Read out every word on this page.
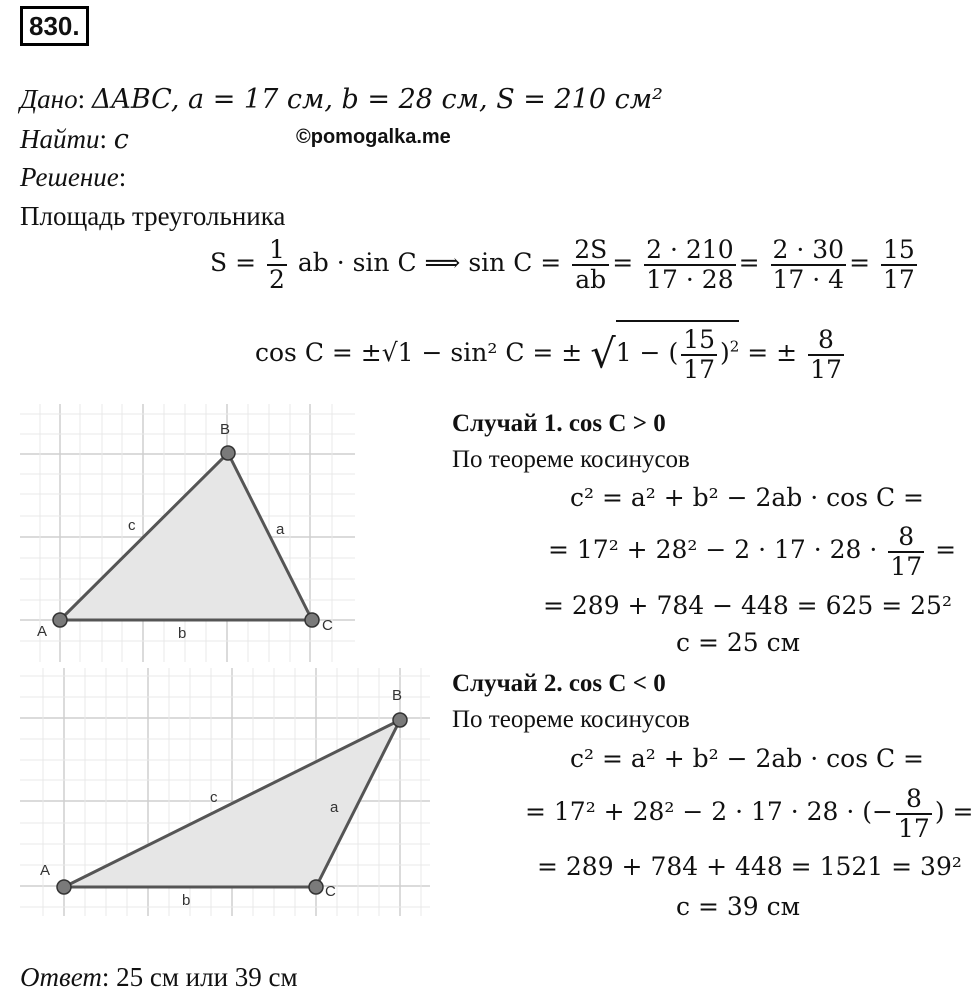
830.
Дано: ΔABC, a = 17 см, b = 28 см, S = 210 см²
Найти: c	©pomogalka.me
Решение:
Площадь треугольника
$S = \frac{1}{2}$ ab · sin C ⟹ $\sin C = \frac{2S}{ab} = \frac{2 \cdot 210}{17 \cdot 28} = \frac{2 \cdot 30}{17 \cdot 4} = \frac{15}{17}$
cos C = ±√1 − sin² C = ± √1 − ( $\frac{15}{17} )^2$ = ± $\frac{8}{17}$
A
B
C
a
b
c
A
B
C
a
b
c
Случай 1. cos C > 0
По теореме косинусов
c² = a² + b² − 2ab · cos C =
= $17^2 + 28^2 - 2 \cdot 17 \cdot 28 \cdot \frac{8}{17}$ =
= 289 + 784 − 448 = 625 = 25²
c = 25 см
Случай 2. cos C < 0
По теореме косинусов
c² = a² + b² − 2ab · cos C =
= 17² + 28² − 2 · 17 · 28 · (− $\frac{8}{17}$ ) =
= 289 + 784 + 448 = 1521 = 39²
c = 39 см
Ответ: 25 см или 39 см
